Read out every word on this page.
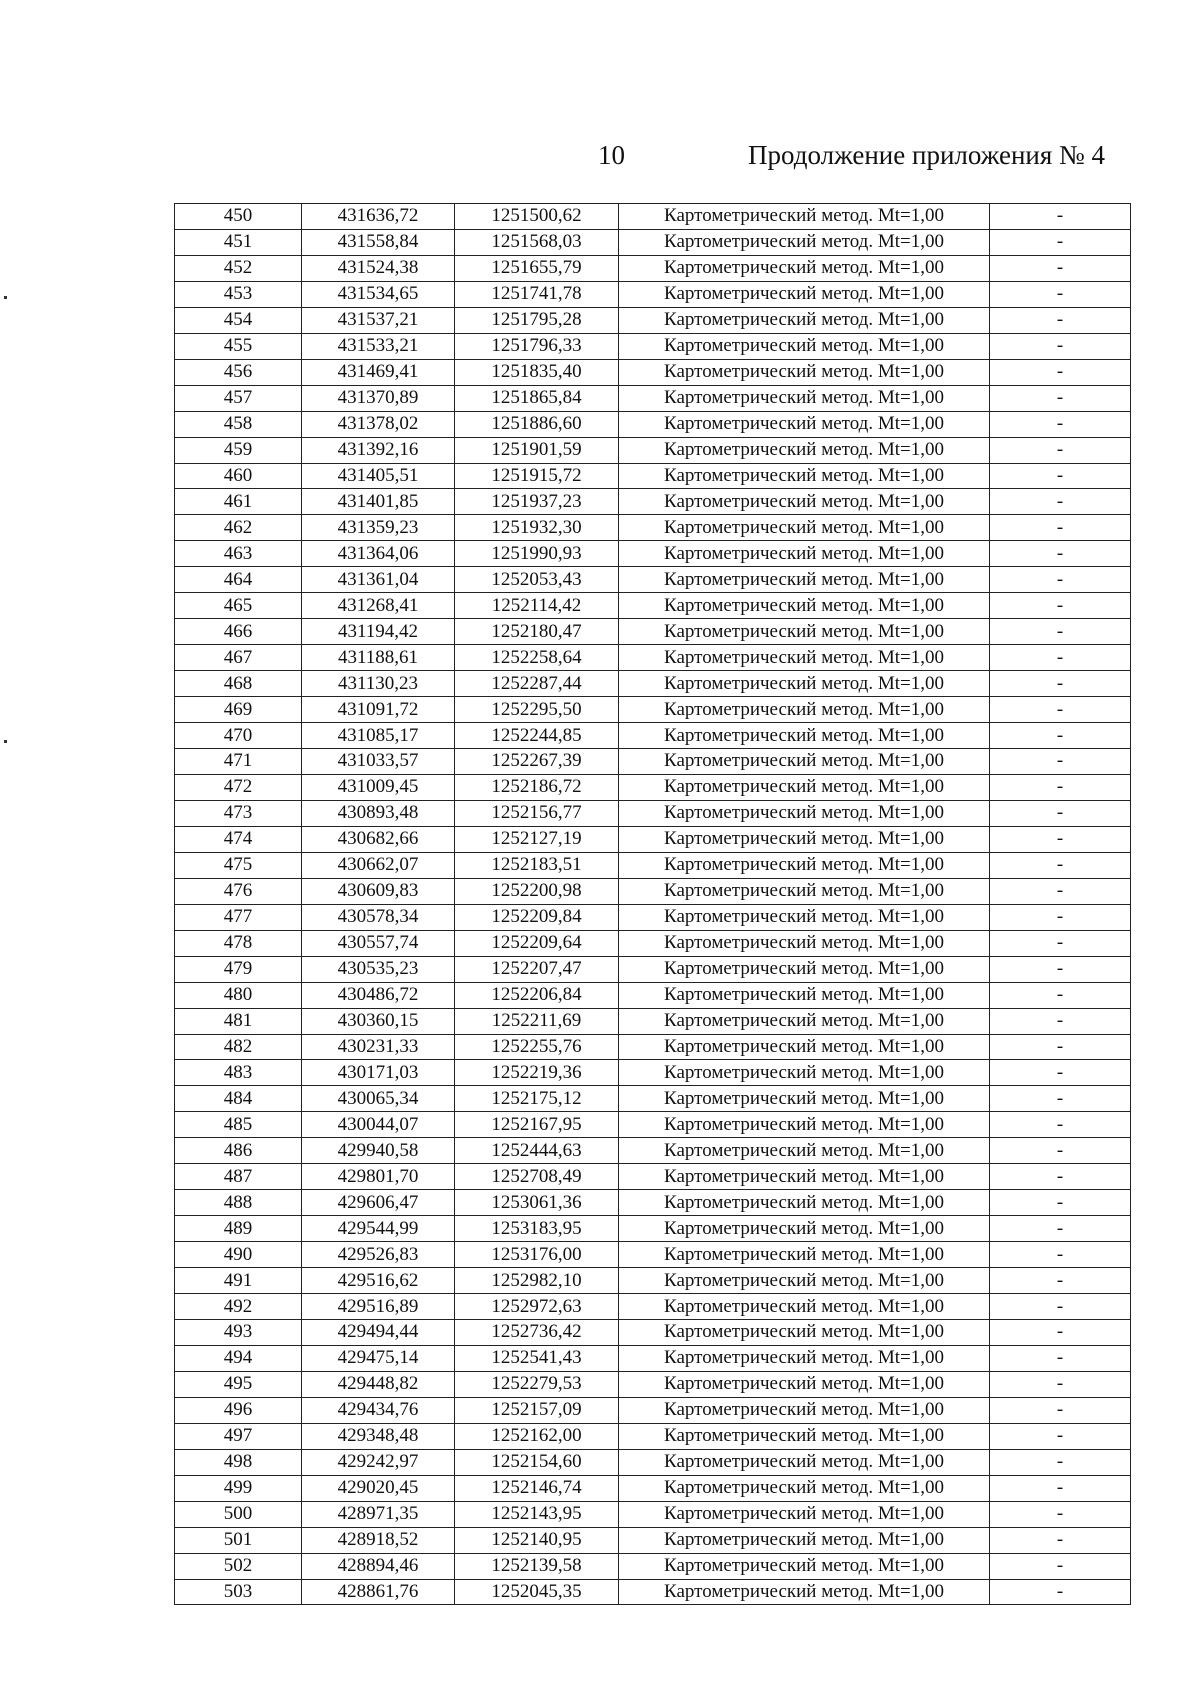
10	Продолжение приложения № 4
450	431636,72	1251500,62	Картометрический метод. Mt=1,00	-
451	431558,84	1251568,03	Картометрический метод. Mt=1,00	-
452	431524,38	1251655,79	Картометрический метод. Mt=1,00	-
453	431534,65	1251741,78	Картометрический метод. Mt=1,00	-
454	431537,21	1251795,28	Картометрический метод. Mt=1,00	-
455	431533,21	1251796,33	Картометрический метод. Mt=1,00	-
456	431469,41	1251835,40	Картометрический метод. Mt=1,00	-
457	431370,89	1251865,84	Картометрический метод. Mt=1,00	-
458	431378,02	1251886,60	Картометрический метод. Mt=1,00	-
459	431392,16	1251901,59	Картометрический метод. Mt=1,00	-
460	431405,51	1251915,72	Картометрический метод. Mt=1,00	-
461	431401,85	1251937,23	Картометрический метод. Mt=1,00	-
462	431359,23	1251932,30	Картометрический метод. Mt=1,00	-
463	431364,06	1251990,93	Картометрический метод. Mt=1,00	-
464	431361,04	1252053,43	Картометрический метод. Mt=1,00	-
465	431268,41	1252114,42	Картометрический метод. Mt=1,00	-
466	431194,42	1252180,47	Картометрический метод. Mt=1,00	-
467	431188,61	1252258,64	Картометрический метод. Mt=1,00	-
468	431130,23	1252287,44	Картометрический метод. Mt=1,00	-
469	431091,72	1252295,50	Картометрический метод. Mt=1,00	-
470	431085,17	1252244,85	Картометрический метод. Mt=1,00	-
471	431033,57	1252267,39	Картометрический метод. Mt=1,00	-
472	431009,45	1252186,72	Картометрический метод. Mt=1,00	-
473	430893,48	1252156,77	Картометрический метод. Mt=1,00	-
474	430682,66	1252127,19	Картометрический метод. Mt=1,00	-
475	430662,07	1252183,51	Картометрический метод. Mt=1,00	-
476	430609,83	1252200,98	Картометрический метод. Mt=1,00	-
477	430578,34	1252209,84	Картометрический метод. Mt=1,00	-
478	430557,74	1252209,64	Картометрический метод. Mt=1,00	-
479	430535,23	1252207,47	Картометрический метод. Mt=1,00	-
480	430486,72	1252206,84	Картометрический метод. Mt=1,00	-
481	430360,15	1252211,69	Картометрический метод. Mt=1,00	-
482	430231,33	1252255,76	Картометрический метод. Mt=1,00	-
483	430171,03	1252219,36	Картометрический метод. Mt=1,00	-
484	430065,34	1252175,12	Картометрический метод. Mt=1,00	-
485	430044,07	1252167,95	Картометрический метод. Mt=1,00	-
486	429940,58	1252444,63	Картометрический метод. Mt=1,00	-
487	429801,70	1252708,49	Картометрический метод. Mt=1,00	-
488	429606,47	1253061,36	Картометрический метод. Mt=1,00	-
489	429544,99	1253183,95	Картометрический метод. Mt=1,00	-
490	429526,83	1253176,00	Картометрический метод. Mt=1,00	-
491	429516,62	1252982,10	Картометрический метод. Mt=1,00	-
492	429516,89	1252972,63	Картометрический метод. Mt=1,00	-
493	429494,44	1252736,42	Картометрический метод. Mt=1,00	-
494	429475,14	1252541,43	Картометрический метод. Mt=1,00	-
495	429448,82	1252279,53	Картометрический метод. Mt=1,00	-
496	429434,76	1252157,09	Картометрический метод. Mt=1,00	-
497	429348,48	1252162,00	Картометрический метод. Mt=1,00	-
498	429242,97	1252154,60	Картометрический метод. Mt=1,00	-
499	429020,45	1252146,74	Картометрический метод. Mt=1,00	-
500	428971,35	1252143,95	Картометрический метод. Mt=1,00	-
501	428918,52	1252140,95	Картометрический метод. Mt=1,00	-
502	428894,46	1252139,58	Картометрический метод. Mt=1,00	-
503	428861,76	1252045,35	Картометрический метод. Mt=1,00	-
